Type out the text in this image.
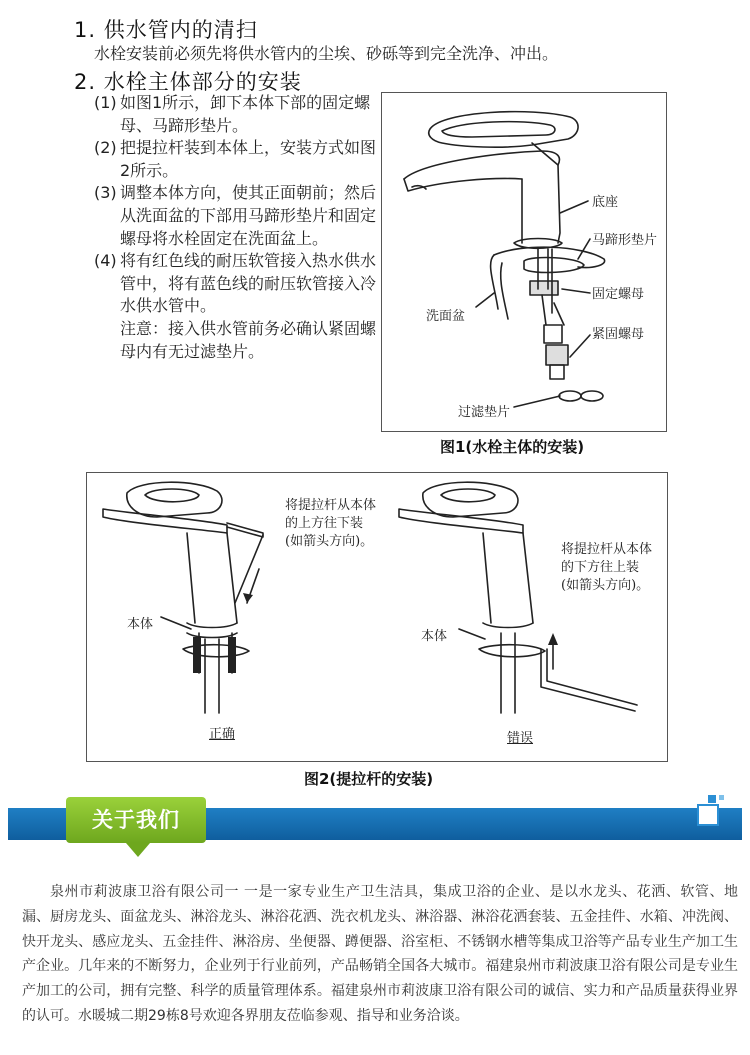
1. 供水管内的清扫
水栓安装前必须先将供水管内的尘埃、砂砾等到完全洗净、冲出。
2. 水栓主体部分的安装
(1) 如图1所示，卸下本体下部的固定螺母、马蹄形垫片。
(2) 把提拉杆装到本体上，安装方式如图2所示。
(3) 调整本体方向，使其正面朝前；然后从洗面盆的下部用马蹄形垫片和固定螺母将水栓固定在洗面盆上。
(4) 将有红色线的耐压软管接入热水供水管中，将有蓝色线的耐压软管接入冷水供水管中。
注意：接入供水管前务必确认紧固螺母内有无过滤垫片。
底座
马蹄形垫片
固定螺母
洗面盆
紧固螺母
过滤垫片
图1(水栓主体的安装)
将提拉杆从本体
的上方往下装
(如箭头方向)。
本体
正确
将提拉杆从本体
的下方往上装
(如箭头方向)。
本体
错误
图2(提拉杆的安装)
关于我们
泉州市莉波康卫浴有限公司一 一是一家专业生产卫生洁具，集成卫浴的企业、是以水龙头、花洒、软管、地漏、厨房龙头、面盆龙头、淋浴龙头、淋浴花洒、洗衣机龙头、淋浴器、淋浴花洒套装、五金挂件、水箱、冲洗阀、快开龙头、感应龙头、五金挂件、淋浴房、坐便器、蹲便器、浴室柜、不锈钢水槽等集成卫浴等产品专业生产加工生产企业。几年来的不断努力，企业列于行业前列，产品畅销全国各大城市。福建泉州市莉波康卫浴有限公司是专业生产加工的公司，拥有完整、科学的质量管理体系。福建泉州市莉波康卫浴有限公司的诚信、实力和产品质量获得业界的认可。水暖城二期29栋8号欢迎各界朋友莅临参观、指导和业务洽谈。
